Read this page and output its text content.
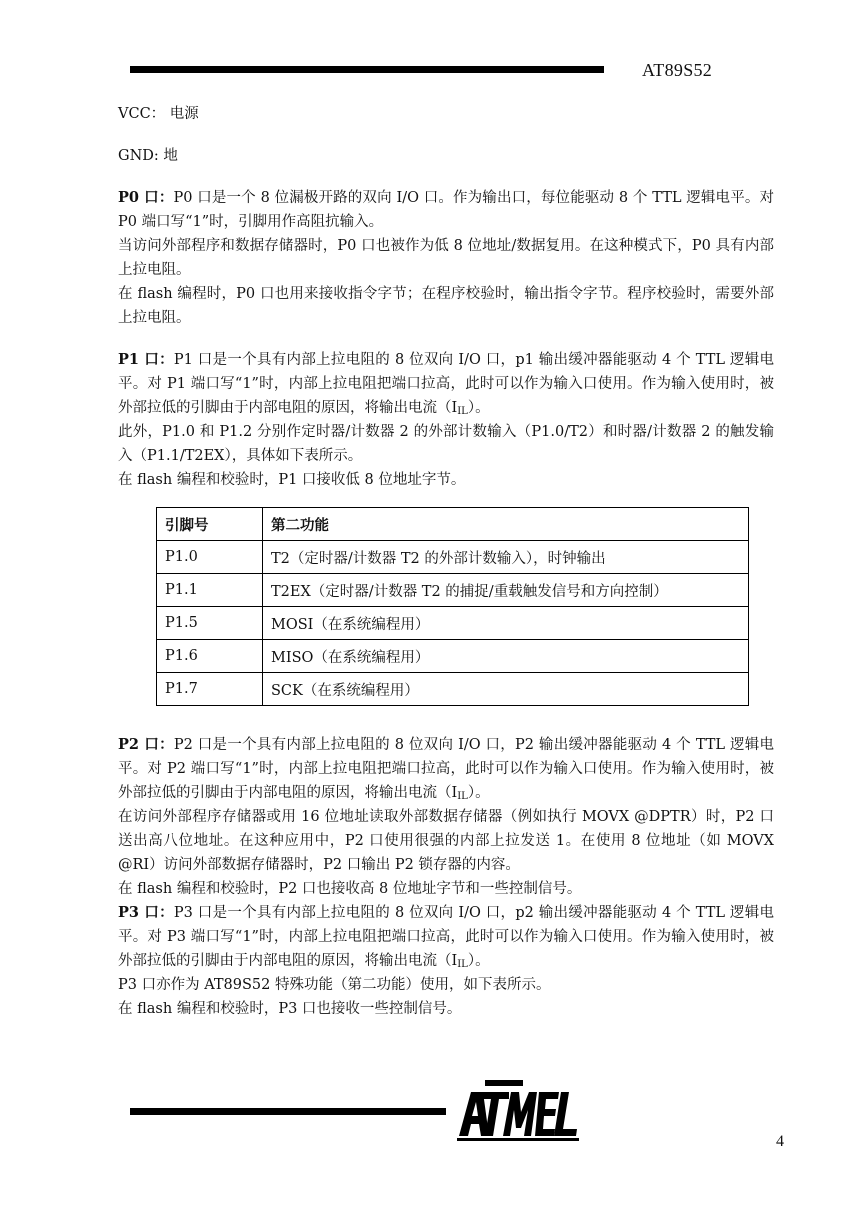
AT89S52

VCC： 电源

GND: 地

P0 口：P0 口是一个 8 位漏极开路的双向 I/O 口。作为输出口，每位能驱动 8 个 TTL 逻辑电平。对 P0 端口写“1”时，引脚用作高阻抗输入。

当访问外部程序和数据存储器时，P0 口也被作为低 8 位地址/数据复用。在这种模式下，P0 具有内部上拉电阻。

在 flash 编程时，P0 口也用来接收指令字节；在程序校验时，输出指令字节。程序校验时，需要外部上拉电阻。

P1 口：P1 口是一个具有内部上拉电阻的 8 位双向 I/O 口，p1 输出缓冲器能驱动 4 个 TTL 逻辑电平。对 P1 端口写“1”时，内部上拉电阻把端口拉高，此时可以作为输入口使用。作为输入使用时，被外部拉低的引脚由于内部电阻的原因，将输出电流$(I_{IL})$。

此外，P1.0 和 P1.2 分别作定时器/计数器 2 的外部计数输入（P1.0/T2）和时器/计数器 2 的触发输入（P1.1/T2EX），具体如下表所示。

在 flash 编程和校验时，P1 口接收低 8 位地址字节。

引脚号	第二功能
P1.0	T2（定时器/计数器 T2 的外部计数输入），时钟输出
P1.1	T2EX（定时器/计数器 T2 的捕捉/重载触发信号和方向控制）
P1.5	MOSI（在系统编程用）
P1.6	MISO（在系统编程用）
P1.7	SCK（在系统编程用）

P2 口：P2 口是一个具有内部上拉电阻的 8 位双向 I/O 口，P2 输出缓冲器能驱动 4 个 TTL 逻辑电平。对 P2 端口写“1”时，内部上拉电阻把端口拉高，此时可以作为输入口使用。作为输入使用时，被外部拉低的引脚由于内部电阻的原因，将输出电流$(I_{IL})$。

在访问外部程序存储器或用 16 位地址读取外部数据存储器（例如执行 MOVX @DPTR）时，P2 口送出高八位地址。在这种应用中，P2 口使用很强的内部上拉发送 1。在使用 8 位地址（如 MOVX @RI）访问外部数据存储器时，P2 口输出 P2 锁存器的内容。

在 flash 编程和校验时，P2 口也接收高 8 位地址字节和一些控制信号。

P3 口：P3 口是一个具有内部上拉电阻的 8 位双向 I/O 口，p2 输出缓冲器能驱动 4 个 TTL 逻辑电平。对 P3 端口写“1”时，内部上拉电阻把端口拉高，此时可以作为输入口使用。作为输入使用时，被外部拉低的引脚由于内部电阻的原因，将输出电流$(I_{IL})$。

P3 口亦作为 AT89S52 特殊功能（第二功能）使用，如下表所示。

在 flash 编程和校验时，P3 口也接收一些控制信号。

4
